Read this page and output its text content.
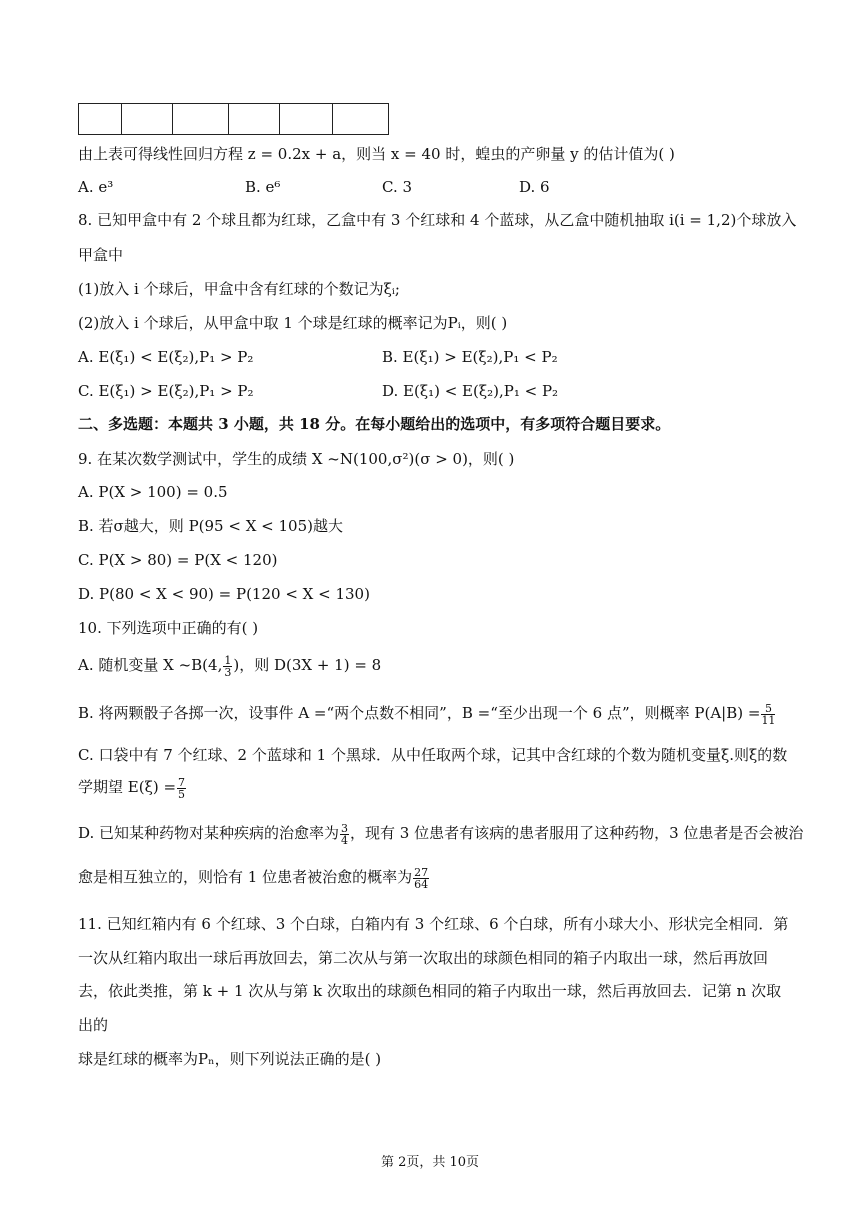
由上表可得线性回归方程 z = 0.2x + a，则当 x = 40 时，蝗虫的产卵量 y 的估计值为( )
A. e³	B. e⁶	C. 3	D. 6
8. 已知甲盒中有 2 个球且都为红球，乙盒中有 3 个红球和 4 个蓝球，从乙盒中随机抽取 i(i = 1,2)个球放入
甲盒中
(1)放入 i 个球后，甲盒中含有红球的个数记为ξᵢ;
(2)放入 i 个球后，从甲盒中取 1 个球是红球的概率记为Pᵢ，则( )
A. E(ξ₁) < E(ξ₂),P₁ > P₂	B. E(ξ₁) > E(ξ₂),P₁ < P₂
C. E(ξ₁) > E(ξ₂),P₁ > P₂	D. E(ξ₁) < E(ξ₂),P₁ < P₂
二、多选题：本题共 3 小题，共 18 分。在每小题给出的选项中，有多项符合题目要求。
9. 在某次数学测试中，学生的成绩 X ~N(100,σ²)(σ > 0)，则( )
A. P(X > 100) = 0.5
B. 若σ越大，则 P(95 < X < 105)越大
C. P(X > 80) = P(X < 120)
D. P(80 < X < 90) = P(120 < X < 130)
10. 下列选项中正确的有( )
A. 随机变量 X ~B(4, $\frac{1}{3}$ )，则 D(3X + 1) = 8
B. 将两颗骰子各掷一次，设事件 A =“两个点数不相同”，B =“至少出现一个 6 点”，则概率 $P(A|B) = \frac{5}{11}$
C. 口袋中有 7 个红球、2 个蓝球和 1 个黑球．从中任取两个球，记其中含红球的个数为随机变量ξ.则ξ的数
学期望 $E(\xi) = \frac{7}{5}$
D. 已知某种药物对某种疾病的治愈率为 $\frac{3}{4}$ ，现有 3 位患者有该病的患者服用了这种药物，3 位患者是否会被治
愈是相互独立的，则恰有 1 位患者被治愈的概率为 $\frac{27}{64}$
11. 已知红箱内有 6 个红球、3 个白球，白箱内有 3 个红球、6 个白球，所有小球大小、形状完全相同．第
一次从红箱内取出一球后再放回去，第二次从与第一次取出的球颜色相同的箱子内取出一球，然后再放回
去，依此类推，第 k + 1 次从与第 k 次取出的球颜色相同的箱子内取出一球，然后再放回去．记第 n 次取
出的
球是红球的概率为Pₙ，则下列说法正确的是( )
第 2页，共 10页
